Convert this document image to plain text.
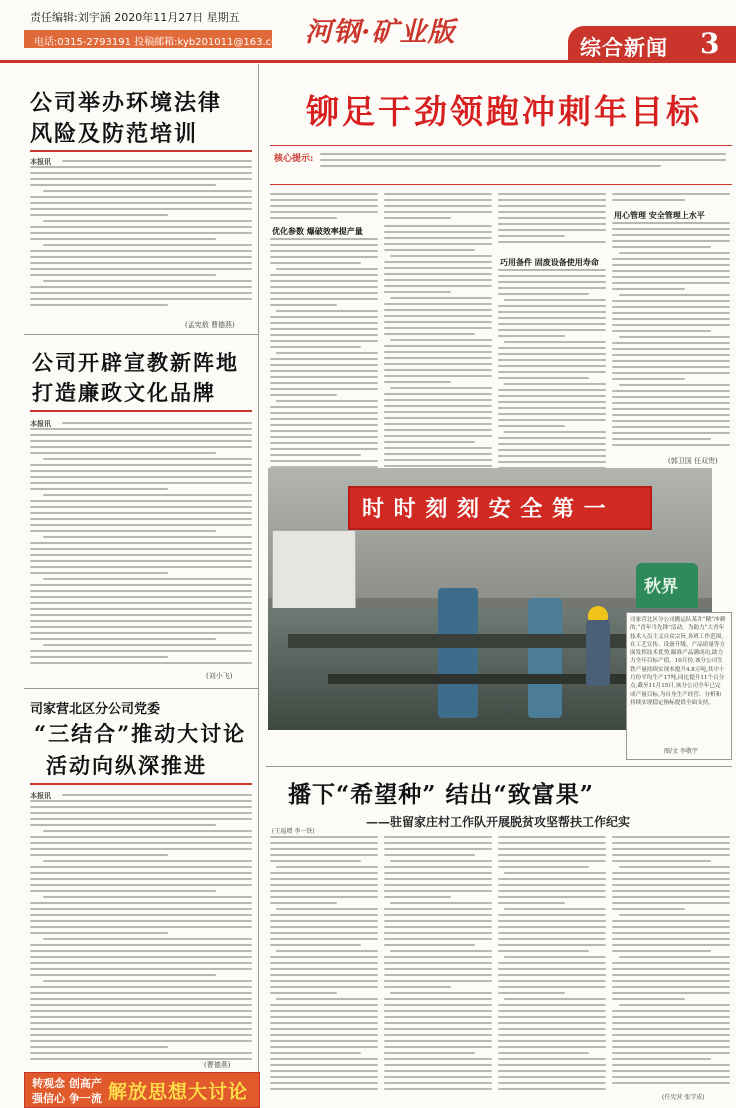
责任编辑:刘宇涵 2020年11月27日 星期五
电话:0315-2793191 投稿邮箱:kyb201011@163.com 河钢·矿业版	综合新闻 3
公司举办环境法律
风险及防范培训
本报讯
(孟宪敖 曹德燕)
公司开辟宣教新阵地
打造廉政文化品牌
本报讯
(刘小飞)
司家营北区分公司党委
“三结合”推动大讨论
活动向纵深推进
本报讯
(曹德燕)
转观念 创高产
强信心 争一流 解放思想大讨论
铆足干劲领跑冲刺年目标
核心提示:
优化参数 爆破效率提产量
巧用备件 固废设备使用寿命
用心管理 安全管理上水平
(郭卫国 任双贵)
时 时 刻 刻 安 全 第 一
秋界
司家营北区分公司搬运队某井“精“冲刺的,“青年当先锋”活动。为助力“大青年技术人员主义自众宗旨,各班工作范围,在工艺宣传、设备升级、产品质量等方面发挥技术优势,瞄准产品满成功,助力力全年目标产值。10月份,该分公司生铁产量持续实现本提升4.8万吨,其中十月份平均生产17吨,同比提升11个百分点,截至11月15日,该分公司全年已完成产量目标,为自身生产经营、分析和持续实现稳定指标提供全面支持。
图/文 李敬宇
播下“希望种” 结出“致富果”
——驻留家庄村工作队开展脱贫攻坚帮扶工作纪实
(王福增 李一铁)
(任宪营 张学成)
